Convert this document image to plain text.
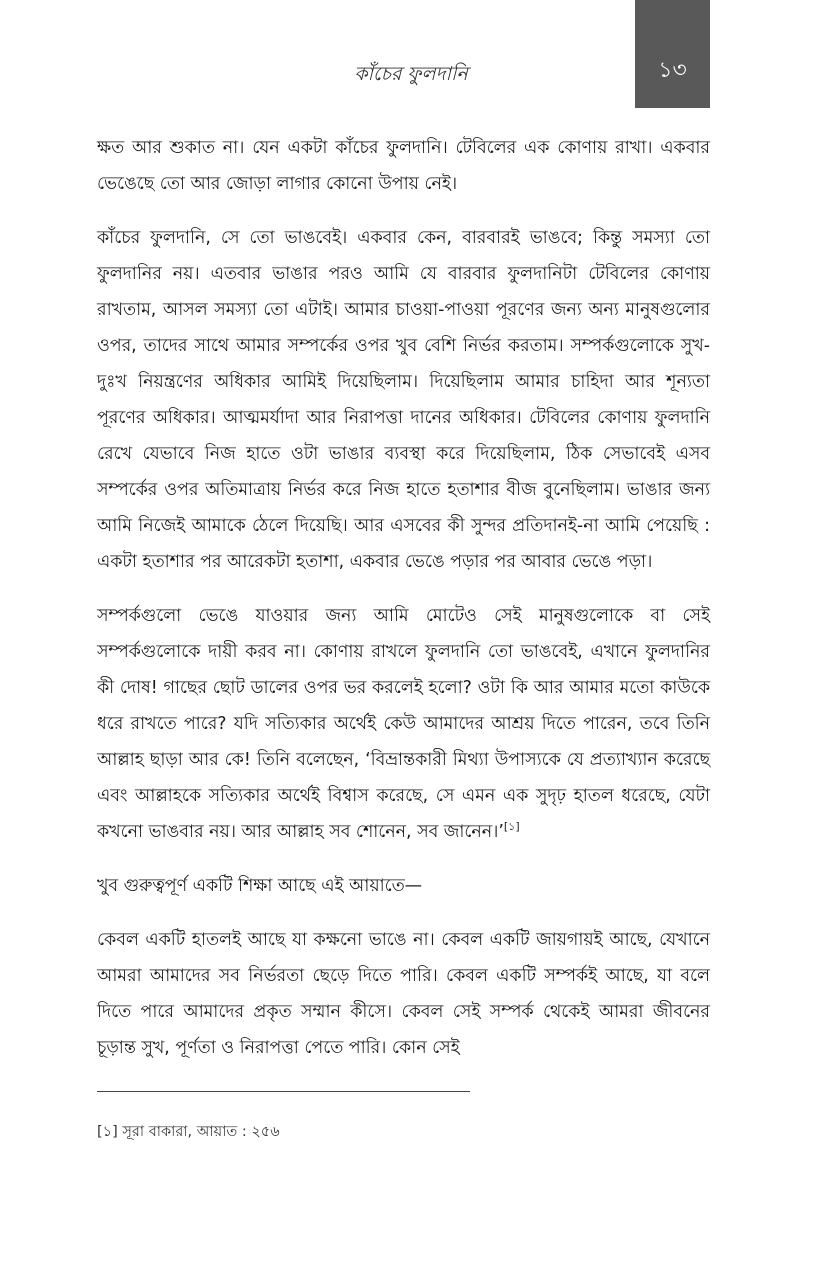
কাঁচের ফুলদানি	১৩

ক্ষত আর শুকাত না। যেন একটা কাঁচের ফুলদানি। টেবিলের এক কোণায় রাখা। একবার ভেঙেছে তো আর জোড়া লাগার কোনো উপায় নেই।

কাঁচের ফুলদানি, সে তো ভাঙবেই। একবার কেন, বারবারই ভাঙবে; কিন্তু সমস্যা তো ফুলদানির নয়। এতবার ভাঙার পরও আমি যে বারবার ফুলদানিটা টেবিলের কোণায় রাখতাম, আসল সমস্যা তো এটাই। আমার চাওয়া-পাওয়া পূরণের জন্য অন্য মানুষগুলোর ওপর, তাদের সাথে আমার সম্পর্কের ওপর খুব বেশি নির্ভর করতাম। সম্পর্কগুলোকে সুখ-দুঃখ নিয়ন্ত্রণের অধিকার আমিই দিয়েছিলাম। দিয়েছিলাম আমার চাহিদা আর শূন্যতা পূরণের অধিকার। আত্মমর্যাদা আর নিরাপত্তা দানের অধিকার। টেবিলের কোণায় ফুলদানি রেখে যেভাবে নিজ হাতে ওটা ভাঙার ব্যবস্থা করে দিয়েছিলাম, ঠিক সেভাবেই এসব সম্পর্কের ওপর অতিমাত্রায় নির্ভর করে নিজ হাতে হতাশার বীজ বুনেছিলাম। ভাঙার জন্য আমি নিজেই আমাকে ঠেলে দিয়েছি। আর এসবের কী সুন্দর প্রতিদানই-না আমি পেয়েছি : একটা হতাশার পর আরেকটা হতাশা, একবার ভেঙে পড়ার পর আবার ভেঙে পড়া।

সম্পর্কগুলো ভেঙে যাওয়ার জন্য আমি মোটেও সেই মানুষগুলোকে বা সেই সম্পর্কগুলোকে দায়ী করব না। কোণায় রাখলে ফুলদানি তো ভাঙবেই, এখানে ফুলদানির কী দোষ! গাছের ছোট ডালের ওপর ভর করলেই হলো? ওটা কি আর আমার মতো কাউকে ধরে রাখতে পারে? যদি সত্যিকার অর্থেই কেউ আমাদের আশ্রয় দিতে পারেন, তবে তিনি আল্লাহ ছাড়া আর কে! তিনি বলেছেন, ‘বিভ্রান্তকারী মিথ্যা উপাস্যকে যে প্রত্যাখ্যান করেছে এবং আল্লাহকে সত্যিকার অর্থেই বিশ্বাস করেছে, সে এমন এক সুদৃঢ় হাতল ধরেছে, যেটা কখনো ভাঙবার নয়। আর আল্লাহ সব শোনেন, সব জানেন।’[১]

খুব গুরুত্বপূর্ণ একটি শিক্ষা আছে এই আয়াতে—

কেবল একটি হাতলই আছে যা কক্ষনো ভাঙে না। কেবল একটি জায়গায়ই আছে, যেখানে আমরা আমাদের সব নির্ভরতা ছেড়ে দিতে পারি। কেবল একটি সম্পর্কই আছে, যা বলে দিতে পারে আমাদের প্রকৃত সম্মান কীসে। কেবল সেই সম্পর্ক থেকেই আমরা জীবনের চূড়ান্ত সুখ, পূর্ণতা ও নিরাপত্তা পেতে পারি। কোন সেই

[১] সূরা বাকারা, আয়াত : ২৫৬
